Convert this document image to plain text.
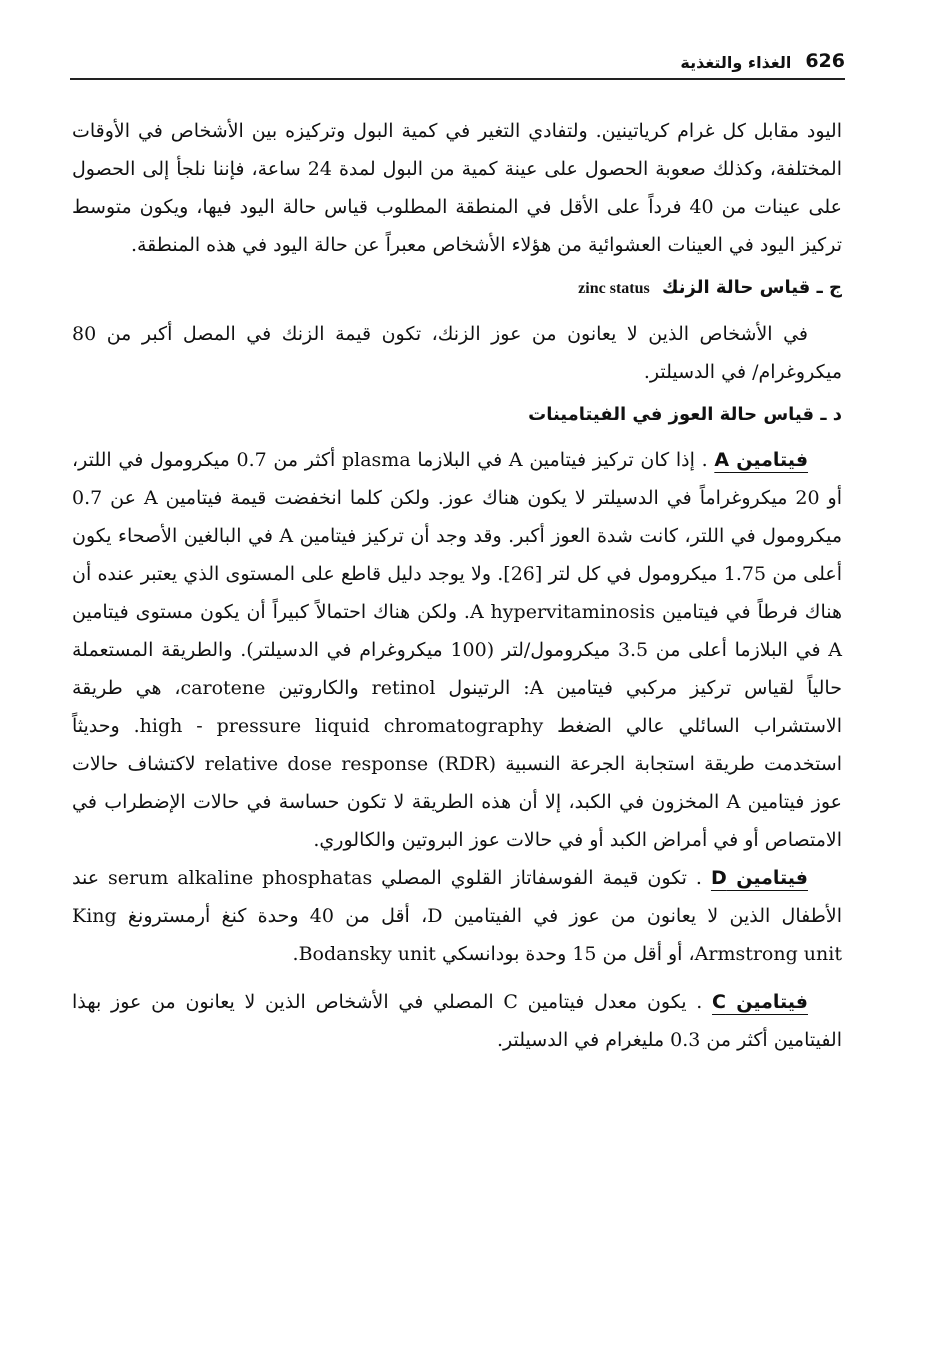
626
الغذاء والتغذية

اليود مقابل كل غرام كرياتينين. ولتفادي التغير في كمية البول وتركيزه بين الأشخاص في الأوقات المختلفة، وكذلك صعوبة الحصول على عينة كمية من البول لمدة 24 ساعة، فإننا نلجأ إلى الحصول على عينات من 40 فرداً على الأقل في المنطقة المطلوب قياس حالة اليود فيها، ويكون متوسط تركيز اليود في العينات العشوائية من هؤلاء الأشخاص معبراً عن حالة اليود في هذه المنطقة.

ج ـ قياس حالة الزنك zinc status

في الأشخاص الذين لا يعانون من عوز الزنك، تكون قيمة الزنك في المصل أكبر من 80 ميكروغرام/ في الدسيلتر.

د ـ قياس حالة العوز في الفيتامينات

فيتامين A . إذا كان تركيز فيتامين A في البلازما plasma أكثر من 0.7 ميكرومول في اللتر، أو 20 ميكروغراماً في الدسيلتر لا يكون هناك عوز. ولكن كلما انخفضت قيمة فيتامين A عن 0.7 ميكرومول في اللتر، كانت شدة العوز أكبر. وقد وجد أن تركيز فيتامين A في البالغين الأصحاء يكون أعلى من 1.75 ميكرومول في كل لتر [26]. ولا يوجد دليل قاطع على المستوى الذي يعتبر عنده أن هناك فرطاً في فيتامين A hypervitaminosis. ولكن هناك احتمالاً كبيراً أن يكون مستوى فيتامين A في البلازما أعلى من 3.5 ميكرومول/لتر (100 ميكروغرام في الدسيلتر). والطريقة المستعملة حالياً لقياس تركيز مركبي فيتامين A: الرتينول retinol والكاروتين carotene، هي طريقة الاستشراب السائلي عالي الضغط high - pressure liquid chromatography. وحديثاً استخدمت طريقة استجابة الجرعة النسبية relative dose response (RDR) لاكتشاف حالات عوز فيتامين A المخزون في الكبد، إلا أن هذه الطريقة لا تكون حساسة في حالات الإضطراب في الامتصاص أو في أمراض الكبد أو في حالات عوز البروتين والكالوري.

فيتامين D . تكون قيمة الفوسفاتاز القلوي المصلي serum alkaline phosphatas عند الأطفال الذين لا يعانون من عوز في الفيتامين D، أقل من 40 وحدة كنغ أرمسترونغ King Armstrong unit، أو أقل من 15 وحدة بودانسكي Bodansky unit.

فيتامين C . يكون معدل فيتامين C المصلي في الأشخاص الذين لا يعانون من عوز بهذا الفيتامين أكثر من 0.3 مليغرام في الدسيلتر.
